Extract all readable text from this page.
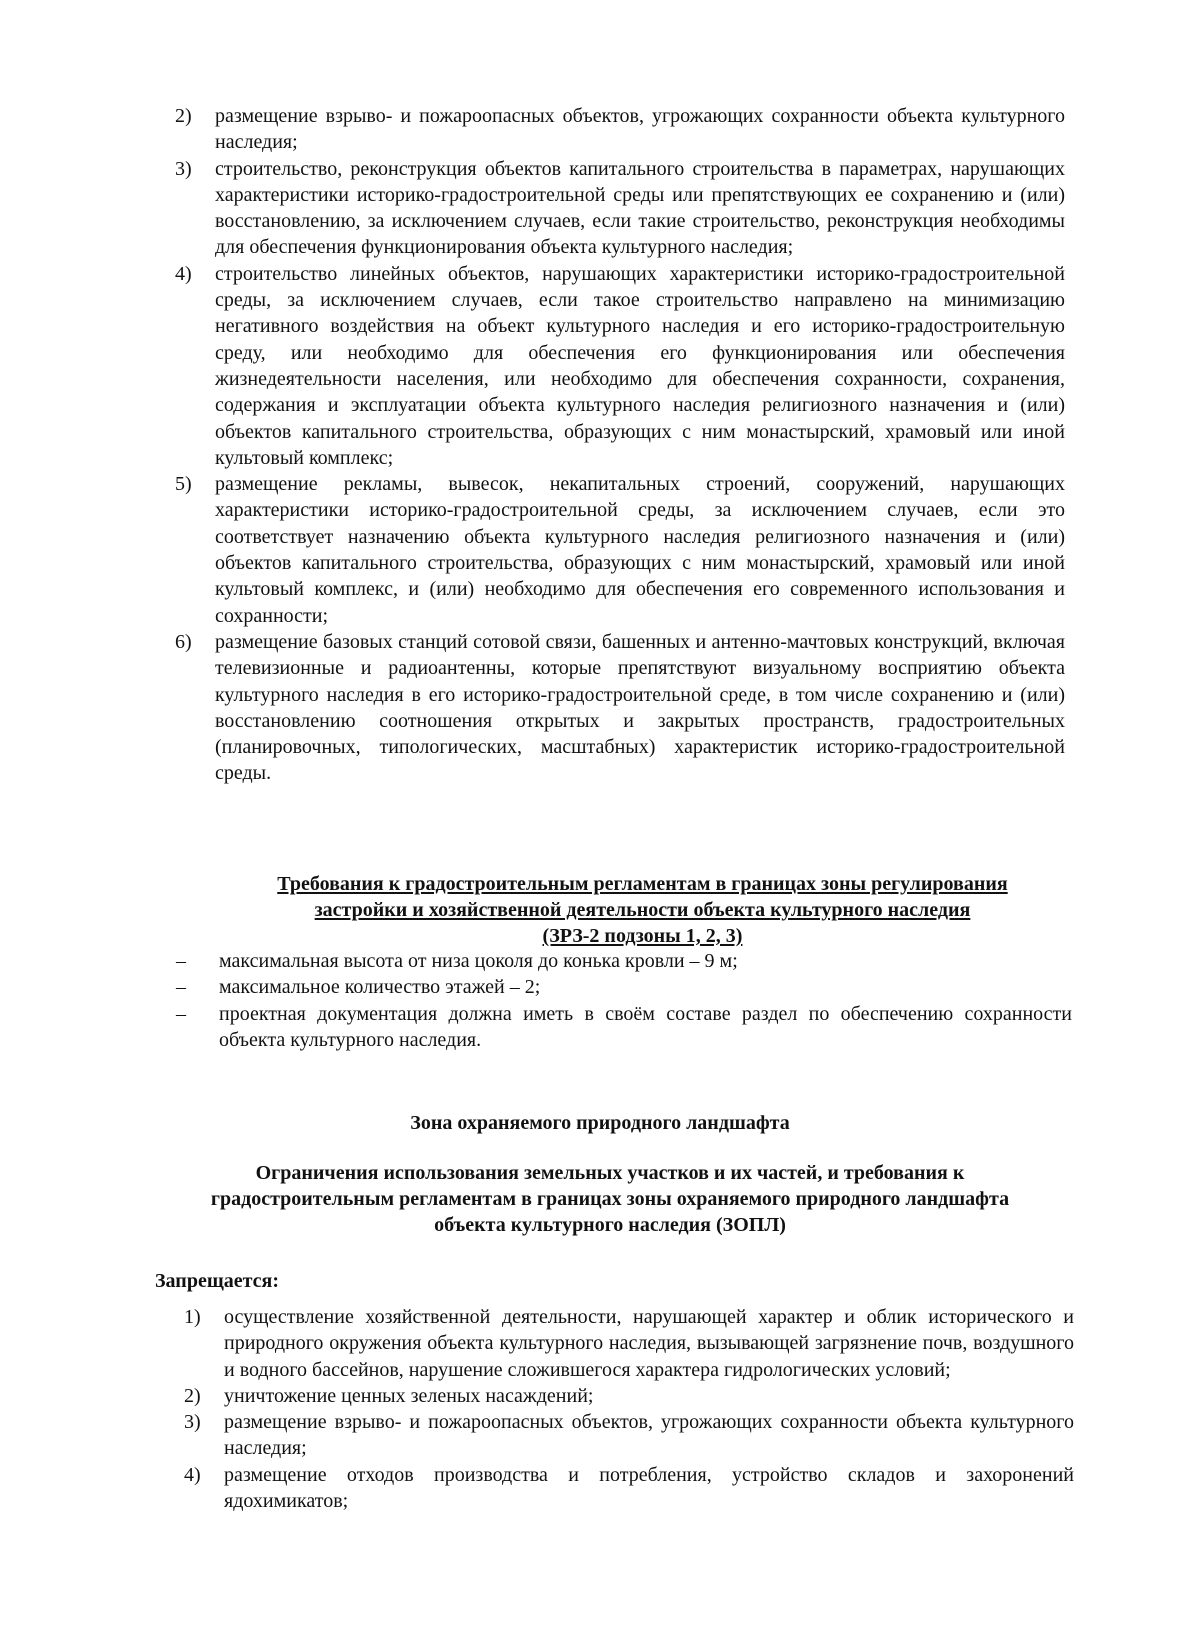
2) размещение взрыво- и пожароопасных объектов, угрожающих сохранности объекта культурного наследия;
3) строительство, реконструкция объектов капитального строительства в параметрах, нарушающих характеристики историко-градостроительной среды или препятствующих ее сохранению и (или) восстановлению, за исключением случаев, если такие строительство, реконструкция необходимы для обеспечения функционирования объекта культурного наследия;
4) строительство линейных объектов, нарушающих характеристики историко-градостроительной среды, за исключением случаев, если такое строительство направлено на минимизацию негативного воздействия на объект культурного наследия и его историко-градостроительную среду, или необходимо для обеспечения его функционирования или обеспечения жизнедеятельности населения, или необходимо для обеспечения сохранности, сохранения, содержания и эксплуатации объекта культурного наследия религиозного назначения и (или) объектов капитального строительства, образующих с ним монастырский, храмовый или иной культовый комплекс;
5) размещение рекламы, вывесок, некапитальных строений, сооружений, нарушающих характеристики историко-градостроительной среды, за исключением случаев, если это соответствует назначению объекта культурного наследия религиозного назначения и (или) объектов капитального строительства, образующих с ним монастырский, храмовый или иной культовый комплекс, и (или) необходимо для обеспечения его современного использования и сохранности;
6) размещение базовых станций сотовой связи, башенных и антенно-мачтовых конструкций, включая телевизионные и радиоантенны, которые препятствуют визуальному восприятию объекта культурного наследия в его историко-градостроительной среде, в том числе сохранению и (или) восстановлению соотношения открытых и закрытых пространств, градостроительных (планировочных, типологических, масштабных) характеристик историко-градостроительной среды.
Требования к градостроительным регламентам в границах зоны регулирования
застройки и хозяйственной деятельности объекта культурного наследия
(ЗРЗ-2 подзоны 1, 2, 3)
– максимальная высота от низа цоколя до конька кровли – 9 м;
– максимальное количество этажей – 2;
– проектная документация должна иметь в своём составе раздел по обеспечению сохранности объекта культурного наследия.
Зона охраняемого природного ландшафта
Ограничения использования земельных участков и их частей, и требования к
градостроительным регламентам в границах зоны охраняемого природного ландшафта
объекта культурного наследия (ЗОПЛ)
Запрещается:
1) осуществление хозяйственной деятельности, нарушающей характер и облик исторического и природного окружения объекта культурного наследия, вызывающей загрязнение почв, воздушного и водного бассейнов, нарушение сложившегося характера гидрологических условий;
2) уничтожение ценных зеленых насаждений;
3) размещение взрыво- и пожароопасных объектов, угрожающих сохранности объекта культурного наследия;
4) размещение отходов производства и потребления, устройство складов и захоронений ядохимикатов;
